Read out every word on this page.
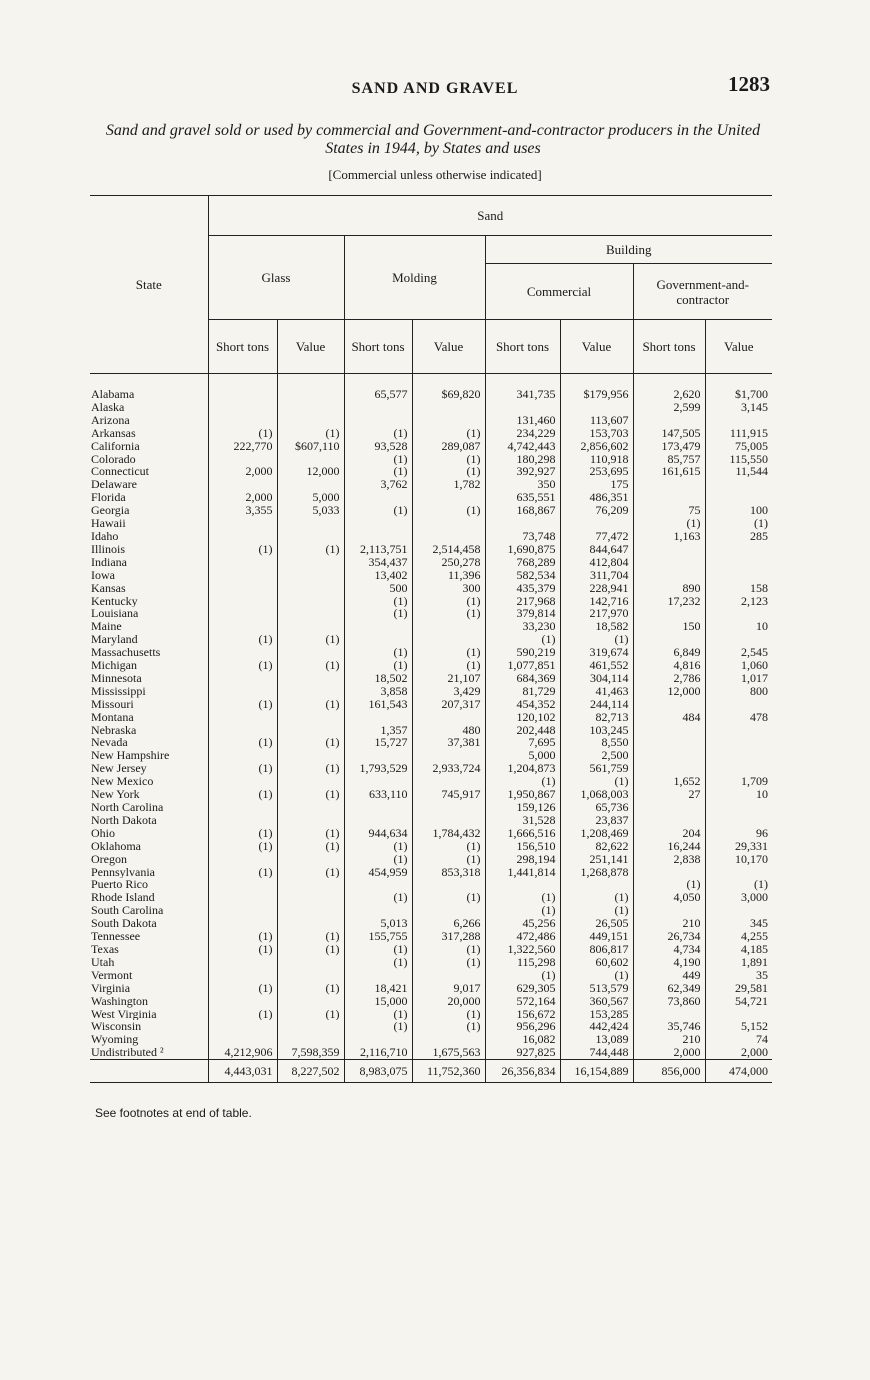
SAND AND GRAVEL	1283
Sand and gravel sold or used by commercial and Government-and-contractor producers in the United States in 1944, by States and uses
[Commercial unless otherwise indicated]
State	Sand							
	Glass		Molding		Building			
					Commercial		Government-and-contractor	
	Short tons	Value	Short tons	Value	Short tons	Value	Short tons	Value
Alabama			65,577	$69,820	341,735	$179,956	2,620	$1,700
Alaska							2,599	3,145
Arizona					131,460	113,607		
Arkansas	(1)	(1)	(1)	(1)	234,229	153,703	147,505	111,915
California	222,770	$607,110	93,528	289,087	4,742,443	2,856,602	173,479	75,005
Colorado			(1)	(1)	180,298	110,918	85,757	115,550
Connecticut	2,000	12,000	(1)	(1)	392,927	253,695	161,615	11,544
Delaware			3,762	1,782	350	175		
Florida	2,000	5,000			635,551	486,351		
Georgia	3,355	5,033	(1)	(1)	168,867	76,209	75	100
Hawaii							(1)	(1)
Idaho					73,748	77,472	1,163	285
Illinois	(1)	(1)	2,113,751	2,514,458	1,690,875	844,647		
Indiana			354,437	250,278	768,289	412,804		
Iowa			13,402	11,396	582,534	311,704		
Kansas			500	300	435,379	228,941	890	158
Kentucky			(1)	(1)	217,968	142,716	17,232	2,123
Louisiana			(1)	(1)	379,814	217,970		
Maine					33,230	18,582	150	10
Maryland	(1)	(1)			(1)	(1)		
Massachusetts			(1)	(1)	590,219	319,674	6,849	2,545
Michigan	(1)	(1)	(1)	(1)	1,077,851	461,552	4,816	1,060
Minnesota			18,502	21,107	684,369	304,114	2,786	1,017
Mississippi			3,858	3,429	81,729	41,463	12,000	800
Missouri	(1)	(1)	161,543	207,317	454,352	244,114		
Montana					120,102	82,713	484	478
Nebraska			1,357	480	202,448	103,245		
Nevada	(1)	(1)	15,727	37,381	7,695	8,550		
New Hampshire					5,000	2,500		
New Jersey	(1)	(1)	1,793,529	2,933,724	1,204,873	561,759		
New Mexico					(1)	(1)	1,652	1,709
New York	(1)	(1)	633,110	745,917	1,950,867	1,068,003	27	10
North Carolina					159,126	65,736		
North Dakota					31,528	23,837		
Ohio	(1)	(1)	944,634	1,784,432	1,666,516	1,208,469	204	96
Oklahoma	(1)	(1)	(1)	(1)	156,510	82,622	16,244	29,331
Oregon			(1)	(1)	298,194	251,141	2,838	10,170
Pennsylvania	(1)	(1)	454,959	853,318	1,441,814	1,268,878		
Puerto Rico							(1)	(1)
Rhode Island			(1)	(1)	(1)	(1)	4,050	3,000
South Carolina					(1)	(1)		
South Dakota			5,013	6,266	45,256	26,505	210	345
Tennessee	(1)	(1)	155,755	317,288	472,486	449,151	26,734	4,255
Texas	(1)	(1)	(1)	(1)	1,322,560	806,817	4,734	4,185
Utah			(1)	(1)	115,298	60,602	4,190	1,891
Vermont					(1)	(1)	449	35
Virginia	(1)	(1)	18,421	9,017	629,305	513,579	62,349	29,581
Washington			15,000	20,000	572,164	360,567	73,860	54,721
West Virginia	(1)	(1)	(1)	(1)	156,672	153,285		
Wisconsin			(1)	(1)	956,296	442,424	35,746	5,152
Wyoming					16,082	13,089	210	74
Undistributed ²	4,212,906	7,598,359	2,116,710	1,675,563	927,825	744,448	2,000	2,000
	4,443,031	8,227,502	8,983,075	11,752,360	26,356,834	16,154,889	856,000	474,000
See footnotes at end of table.
